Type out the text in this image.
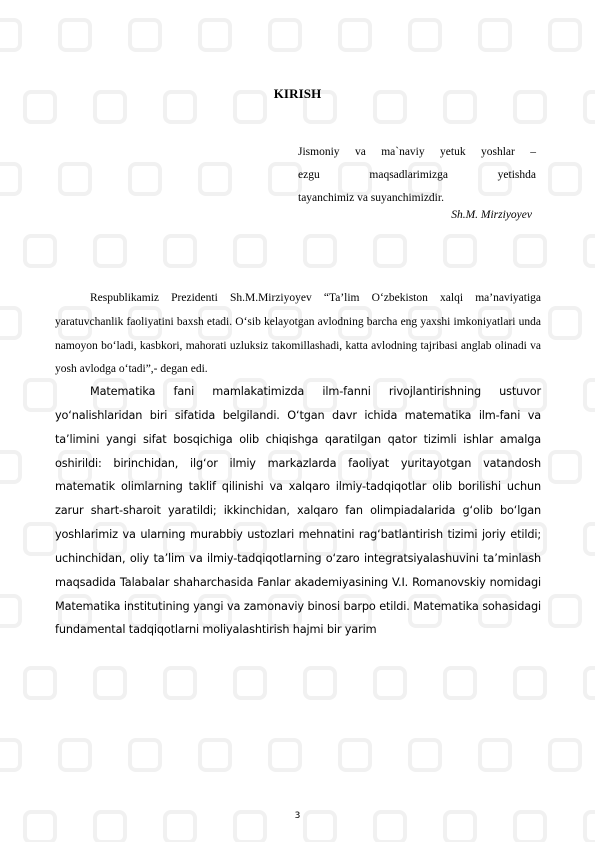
KIRISH
Jismoniy va ma`naviy yetuk yoshlar –
ezgu maqsadlarimizga yetishda
tayanchimiz va suyanchimizdir.
Sh.M. Mirziyoyev
Respublikamiz Prezidenti Sh.M.Mirziyoyev “Ta’lim O‘zbekiston xalqi ma’naviyatiga yaratuvchanlik faoliyatini baxsh etadi. O‘sib kelayotgan avlodning barcha eng yaxshi imkoniyatlari unda namoyon bo‘ladi, kasbkori, mahorati uzluksiz takomillashadi, katta avlodning tajribasi anglab olinadi va yosh avlodga o‘tadi”,- degan edi.
Matematika fani mamlakatimizda ilm-fanni rivojlantirishning ustuvor yo‘nalishlaridan biri sifatida belgilandi. O‘tgan davr ichida matematika ilm-fani va ta’limini yangi sifat bosqichiga olib chiqishga qaratilgan qator tizimli ishlar amalga oshirildi: birinchidan, ilg‘or ilmiy markazlarda faoliyat yuritayotgan vatandosh matematik olimlarning taklif qilinishi va xalqaro ilmiy-tadqiqotlar olib borilishi uchun zarur shart-sharoit yaratildi; ikkinchidan, xalqaro fan olimpiadalarida g‘olib bo‘lgan yoshlarimiz va ularning murabbiy ustozlari mehnatini rag‘batlantirish tizimi joriy etildi; uchinchidan, oliy ta’lim va ilmiy-tadqiqotlarning o‘zaro integratsiyalashuvini ta’minlash maqsadida Talabalar shaharchasida Fanlar akademiyasining V.I. Romanovskiy nomidagi Matematika institutining yangi va zamonaviy binosi barpo etildi. Matematika sohasidagi fundamental tadqiqotlarni moliyalashtirish hajmi bir yarim
3
